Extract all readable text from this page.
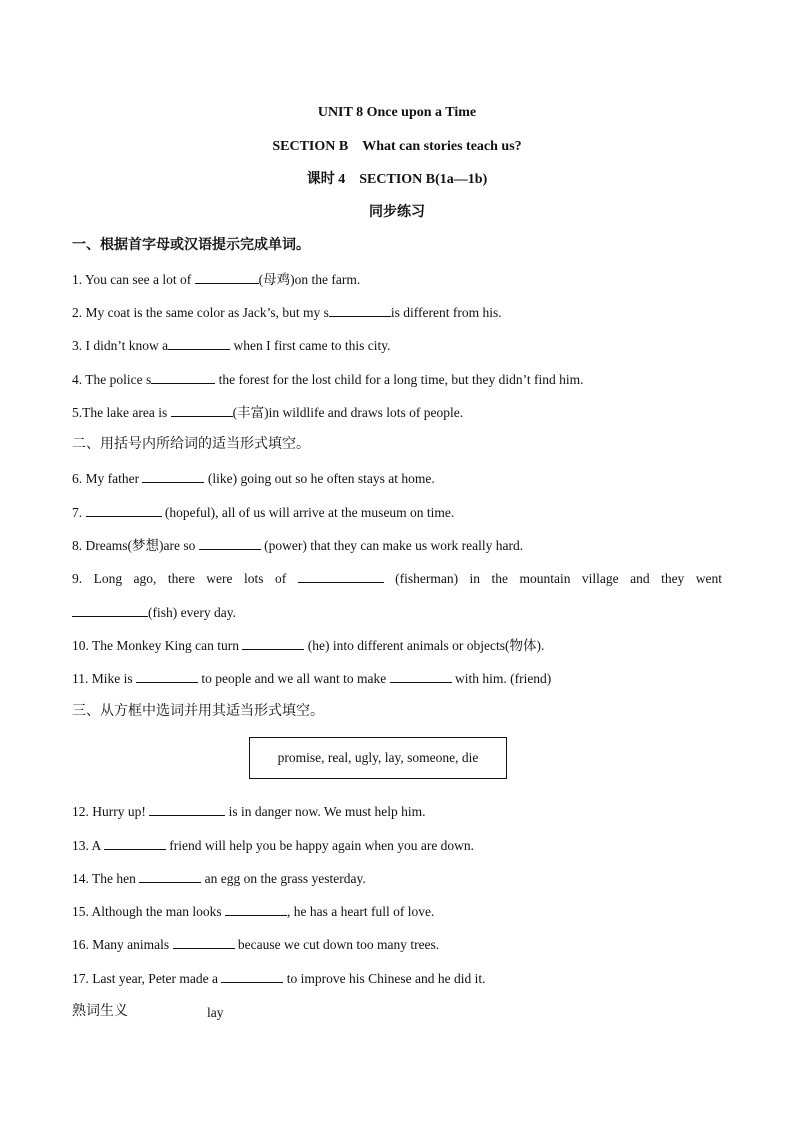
UNIT 8 Once upon a Time
SECTION B　What can stories teach us?
课时 4　SECTION B(1a—1b)
同步练习
一、根据首字母或汉语提示完成单词。
1. You can see a lot of	(母鸡)on the farm.
2. My coat is the same color as Jack’s, but my s	is different from his.
3. I didn’t know a	when I first came to this city.
4. The police s	the forest for the lost child for a long time, but they didn’t find him.
5.The lake area is	(丰富)in wildlife and draws lots of people.
二、用括号内所给词的适当形式填空。
6. My father	(like) going out so he often stays at home.
7.	(hopeful), all of us will arrive at the museum on time.
8. Dreams(梦想)are so	(power) that they can make us work really hard.
9. Long ago, there were lots of	(fisherman) in the mountain village and they went
(fish) every day.
10. The Monkey King can turn	(he) into different animals or objects(物体).
11. Mike is	to people and we all want to make	with him. (friend)
三、从方框中选词并用其适当形式填空。
promise, real, ugly, lay, someone, die
12. Hurry up!	is in danger now. We must help him.
13. A	friend will help you be happy again when you are down.
14. The hen	an egg on the grass yesterday.
15. Although the man looks	, he has a heart full of love.
16. Many animals	because we cut down too many trees.
17. Last year, Peter made a	to improve his Chinese and he did it.
熟词生义	lay
